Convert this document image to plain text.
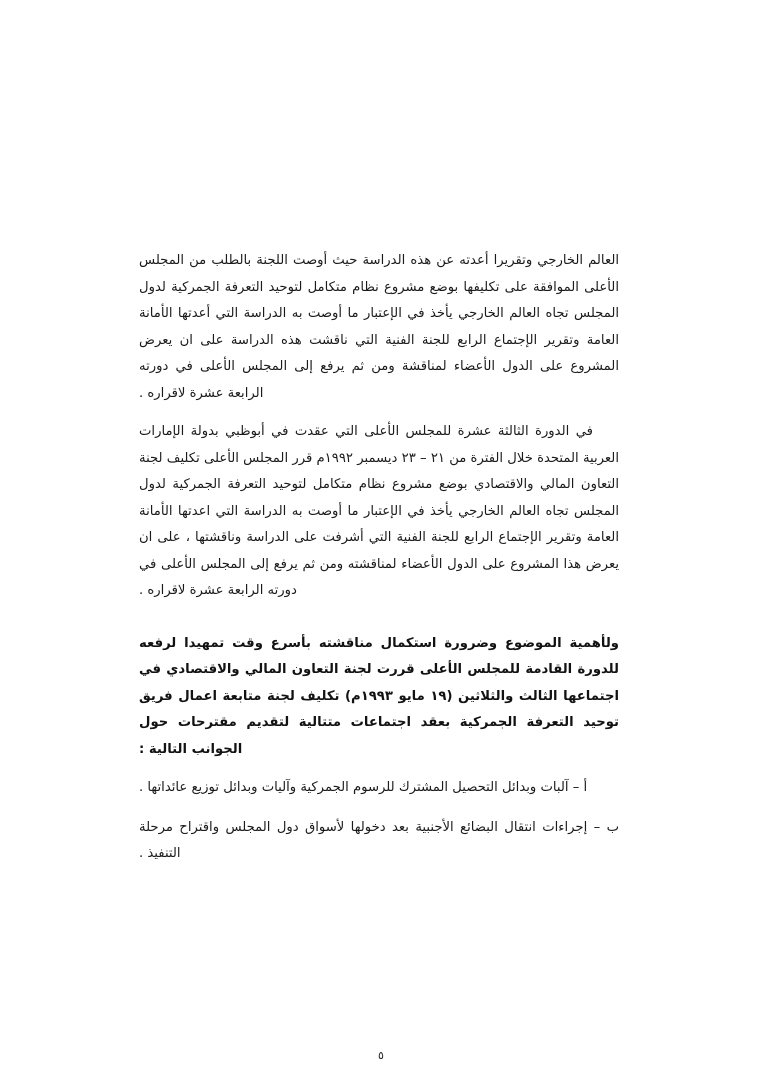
العالم الخارجي وتقريرا أعدته عن هذه الدراسة حيث أوصت اللجنة بالطلب من المجلس الأعلى الموافقة على تكليفها بوضع مشروع نظام متكامل لتوحيد التعرفة الجمركية لدول المجلس تجاه العالم الخارجي يأخذ في الإعتبار ما أوصت به الدراسة التي أعدتها الأمانة العامة وتقرير الإجتماع الرابع للجنة الفنية التي ناقشت هذه الدراسة على ان يعرض المشروع على الدول الأعضاء لمناقشة ومن ثم يرفع إلى المجلس الأعلى في دورته الرابعة عشرة لاقراره .

في الدورة الثالثة عشرة للمجلس الأعلى التي عقدت في أبوظبي بدولة الإمارات العربية المتحدة خلال الفترة من ٢١ – ٢٣ ديسمبر ١٩٩٢م قرر المجلس الأعلى تكليف لجنة التعاون المالي والاقتصادي بوضع مشروع نظام متكامل لتوحيد التعرفة الجمركية لدول المجلس تجاه العالم الخارجي يأخذ في الإعتبار ما أوصت به الدراسة التي اعدتها الأمانة العامة وتقرير الإجتماع الرابع للجنة الفنية التي أشرفت على الدراسة وناقشتها ، على ان يعرض هذا المشروع على الدول الأعضاء لمناقشته ومن ثم يرفع إلى المجلس الأعلى في دورته الرابعة عشرة لاقراره .

ولأهمية الموضوع وضرورة استكمال مناقشته بأسرع وقت تمهيدا لرفعه للدورة القادمة للمجلس الأعلى قررت لجنة التعاون المالي والاقتصادي في اجتماعها الثالث والثلاثين (١٩ مايو ١٩٩٣م) تكليف لجنة متابعة اعمال فريق توحيد التعرفة الجمركية بعقد اجتماعات متتالية لتقديم مقترحات حول الجوانب التالية :

أ – آلبات وبدائل التحصيل المشترك للرسوم الجمركية وآليات وبدائل توزيع عائداتها .

ب – إجراءات انتقال البضائع الأجنبية بعد دخولها لأسواق دول المجلس واقتراح مرحلة التنفيذ .

٥
